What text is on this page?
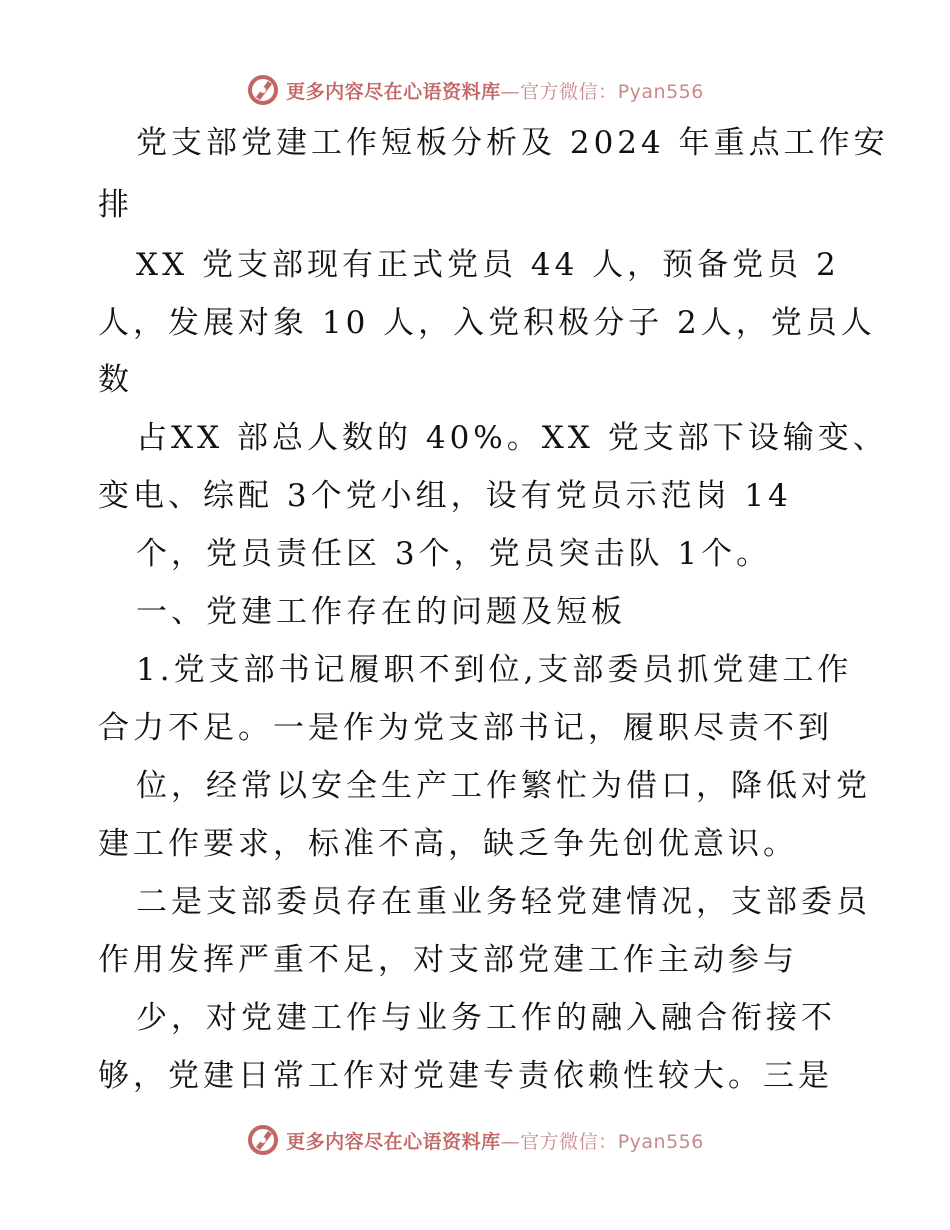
更多内容尽在心语资料库—官方微信：Pyan556
党支部党建工作短板分析及 2024 年重点工作安
排
XX 党支部现有正式党员 44 人，预备党员 2
人，发展对象 10 人，入党积极分子 2人，党员人
数
占XX 部总人数的 40%。XX 党支部下设输变、
变电、综配 3个党小组，设有党员示范岗 14
个，党员责任区 3个，党员突击队 1个。
一、党建工作存在的问题及短板
1.党支部书记履职不到位,支部委员抓党建工作
合力不足。一是作为党支部书记，履职尽责不到
位，经常以安全生产工作繁忙为借口，降低对党
建工作要求，标准不高，缺乏争先创优意识。
二是支部委员存在重业务轻党建情况，支部委员
作用发挥严重不足，对支部党建工作主动参与
少，对党建工作与业务工作的融入融合衔接不
够，党建日常工作对党建专责依赖性较大。三是
更多内容尽在心语资料库—官方微信：Pyan556
